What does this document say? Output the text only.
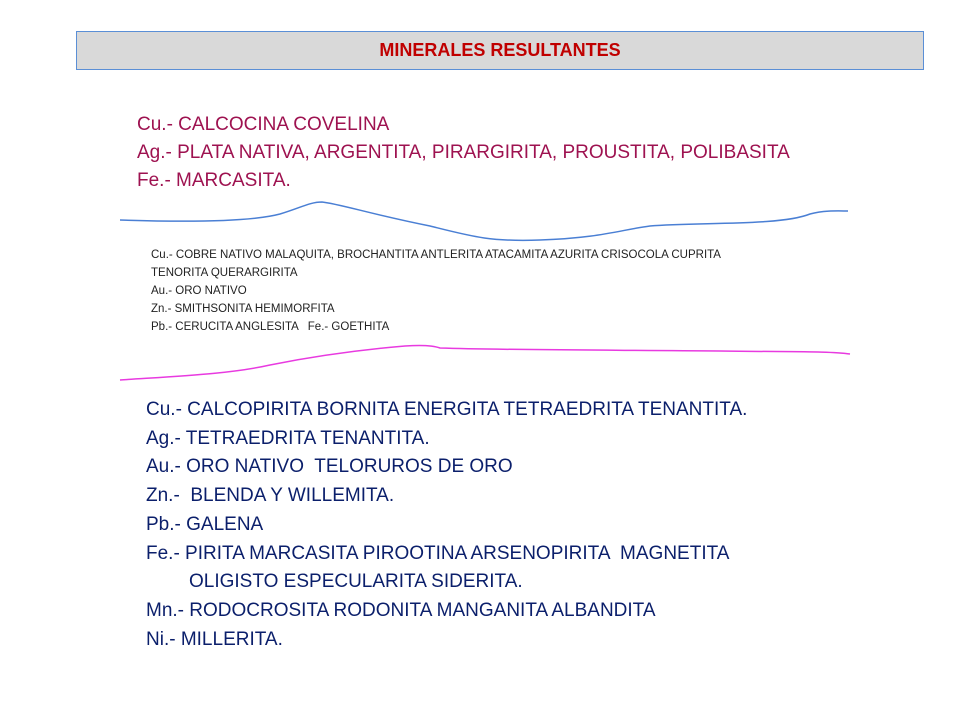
MINERALES RESULTANTES
Cu.- CALCOCINA COVELINA
Ag.- PLATA NATIVA, ARGENTITA, PIRARGIRITA, PROUSTITA, POLIBASITA
Fe.- MARCASITA.
Cu.- COBRE NATIVO MALAQUITA, BROCHANTITA ANTLERITA ATACAMITA AZURITA CRISOCOLA CUPRITA
TENORITA QUERARGIRITA
Au.- ORO NATIVO
Zn.- SMITHSONITA HEMIMORFITA
Pb.- CERUCITA ANGLESITA   Fe.- GOETHITA
Cu.- CALCOPIRITA BORNITA ENERGITA TETRAEDRITA TENANTITA.
Ag.- TETRAEDRITA TENANTITA.
Au.- ORO NATIVO  TELORUROS DE ORO
Zn.-  BLENDA Y WILLEMITA.
Pb.- GALENA
Fe.- PIRITA MARCASITA PIROOTINA ARSENOPIRITA  MAGNETITA
OLIGISTO ESPECULARITA SIDERITA.
Mn.- RODOCROSITA RODONITA MANGANITA ALBANDITA
Ni.- MILLERITA.
